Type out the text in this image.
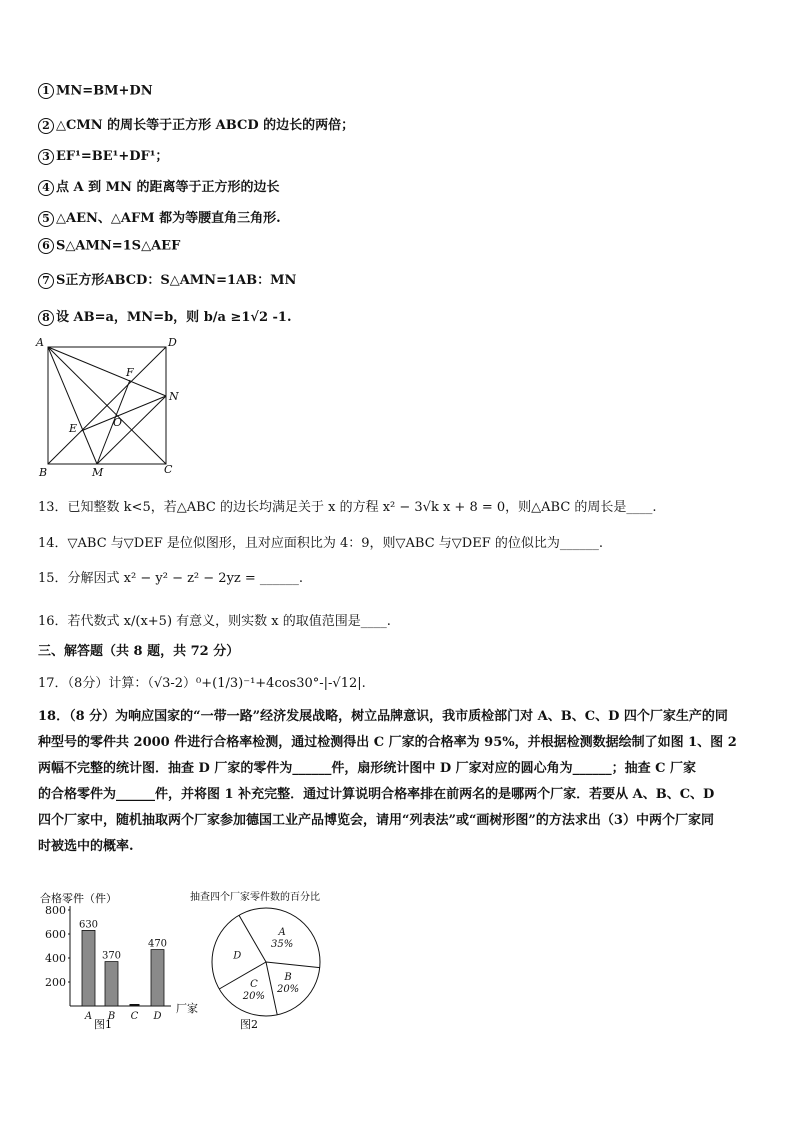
1 MN=BM+DN
2 △CMN 的周长等于正方形 ABCD 的边长的两倍；
3 EF¹=BE¹+DF¹；
4 点 A 到 MN 的距离等于正方形的边长
5 △AEN、△AFM 都为等腰直角三角形.
6 S△AMN=1S△AEF
7 S正方形ABCD：S△AMN=1AB：MN
8 设 AB=a，MN=b，则 b/a ≥1√2 -1.
A	D
F
N
E	O
B	M	C
13．已知整数 k<5，若△ABC 的边长均满足关于 x 的方程 x² − 3√k x + 8 = 0，则△ABC 的周长是____.
14．▽ABC 与▽DEF 是位似图形，且对应面积比为 4：9，则▽ABC 与▽DEF 的位似比为______.
15．分解因式 x² − y² − z² − 2yz = ______.
16．若代数式 x/(x+5) 有意义，则实数 x 的取值范围是____.
三、解答题（共 8 题，共 72 分）
17．（8分）计算：（√3-2）⁰+(1/3)⁻¹+4cos30°-|-√12|.
18．（8 分）为响应国家的“一带一路”经济发展战略，树立品牌意识，我市质检部门对 A、B、C、D 四个厂家生产的同
种型号的零件共 2000 件进行合格率检测，通过检测得出 C 厂家的合格率为 95%，并根据检测数据绘制了如图 1、图 2
两幅不完整的统计图．抽查 D 厂家的零件为______件，扇形统计图中 D 厂家对应的圆心角为______；抽查 C 厂家
的合格零件为______件，并将图 1 补充完整．通过计算说明合格率排在前两名的是哪两个厂家．若要从 A、B、C、D
四个厂家中，随机抽取两个厂家参加德国工业产品博览会，请用“列表法”或“画树形图”的方法求出（3）中两个厂家同
时被选中的概率.
合格零件（件）
200
400
600
800
A
630
B
370
C D
470
厂家
图1
抽查四个厂家零件数的百分比
A
35%
B
20%
C
20%
D
图2
